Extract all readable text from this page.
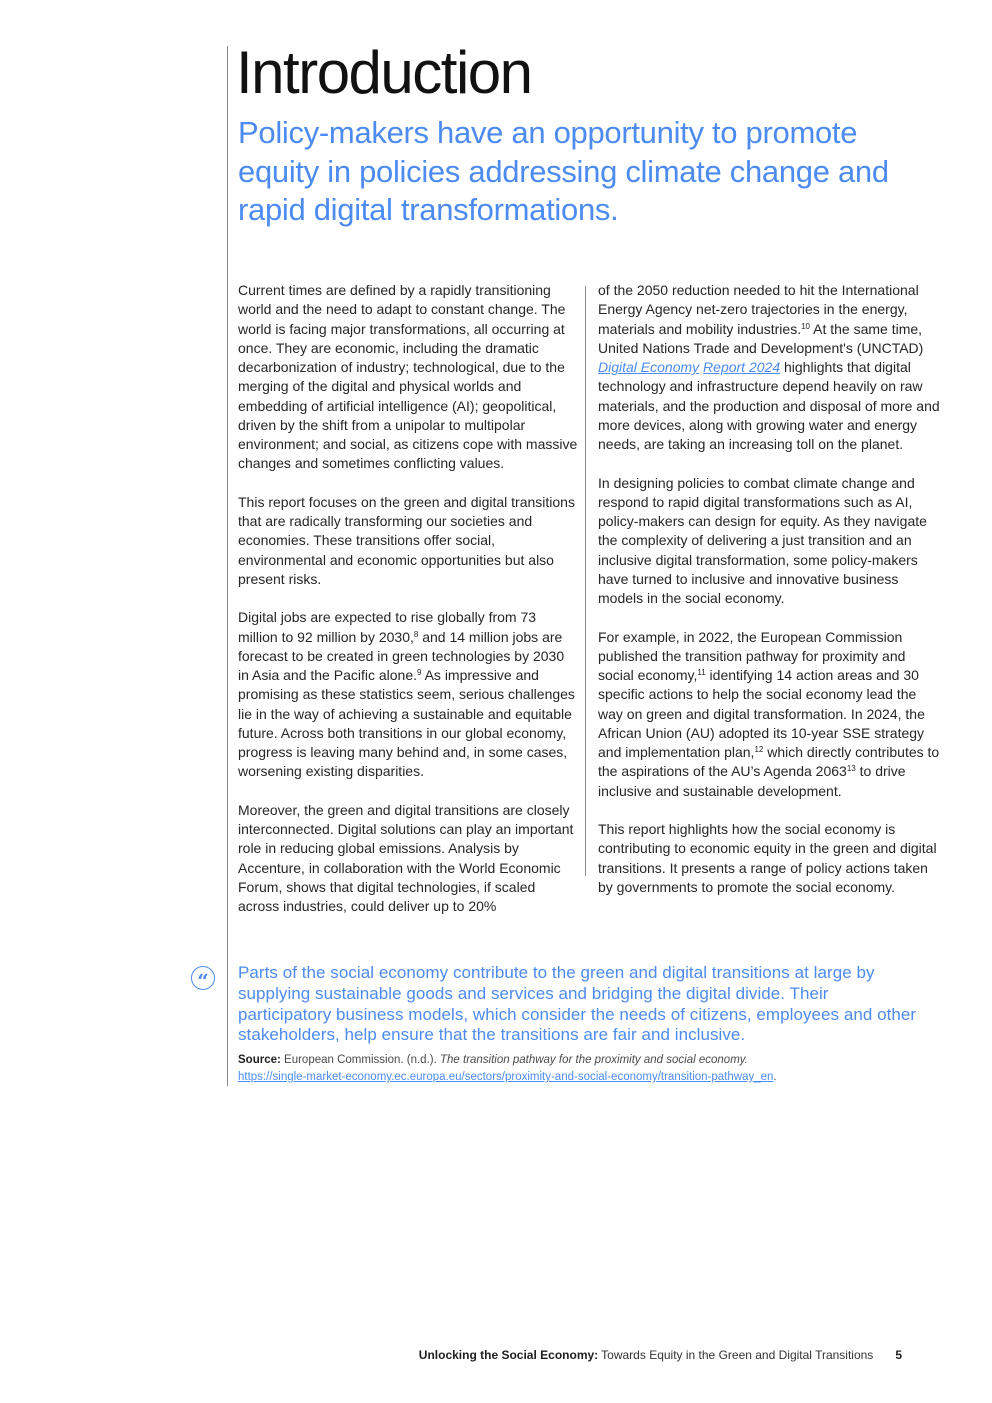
Introduction
Policy-makers have an opportunity to promote equity in policies addressing climate change and rapid digital transformations.

Current times are defined by a rapidly transitioning world and the need to adapt to constant change. The world is facing major transformations, all occurring at once. They are economic, including the dramatic decarbonization of industry; technological, due to the merging of the digital and physical worlds and embedding of artificial intelligence (AI); geopolitical, driven by the shift from a unipolar to multipolar environment; and social, as citizens cope with massive changes and sometimes conflicting values.

This report focuses on the green and digital transitions that are radically transforming our societies and economies. These transitions offer social, environmental and economic opportunities but also present risks.

Digital jobs are expected to rise globally from 73 million to 92 million by 2030,$^8$ and 14 million jobs are forecast to be created in green technologies by 2030 in Asia and the Pacific alone.$^9$ As impressive and promising as these statistics seem, serious challenges lie in the way of achieving a sustainable and equitable future. Across both transitions in our global economy, progress is leaving many behind and, in some cases, worsening existing disparities.

Moreover, the green and digital transitions are closely interconnected. Digital solutions can play an important role in reducing global emissions. Analysis by Accenture, in collaboration with the World Economic Forum, shows that digital technologies, if scaled across industries, could deliver up to 20%

of the 2050 reduction needed to hit the International Energy Agency net-zero trajectories in the energy, materials and mobility industries.$^{10}$ At the same time, United Nations Trade and Development's (UNCTAD) Digital Economy Report 2024 highlights that digital technology and infrastructure depend heavily on raw materials, and the production and disposal of more and more devices, along with growing water and energy needs, are taking an increasing toll on the planet.

In designing policies to combat climate change and respond to rapid digital transformations such as AI, policy-makers can design for equity. As they navigate the complexity of delivering a just transition and an inclusive digital transformation, some policy-makers have turned to inclusive and innovative business models in the social economy.

For example, in 2022, the European Commission published the transition pathway for proximity and social economy,$^{11}$ identifying 14 action areas and 30 specific actions to help the social economy lead the way on green and digital transformation. In 2024, the African Union (AU) adopted its 10-year SSE strategy and implementation plan,$^{12}$ which directly contributes to the aspirations of the AU’s Agenda 2063$^{13}$ to drive inclusive and sustainable development.

This report highlights how the social economy is contributing to economic equity in the green and digital transitions. It presents a range of policy actions taken by governments to promote the social economy.

“	Parts of the social economy contribute to the green and digital transitions at large by supplying sustainable goods and services and bridging the digital divide. Their participatory business models, which consider the needs of citizens, employees and other stakeholders, help ensure that the transitions are fair and inclusive.

Source: European Commission. (n.d.). The transition pathway for the proximity and social economy.
https://single-market-economy.ec.europa.eu/sectors/proximity-and-social-economy/transition-pathway_en.

Unlocking the Social Economy: Towards Equity in the Green and Digital Transitions 5
